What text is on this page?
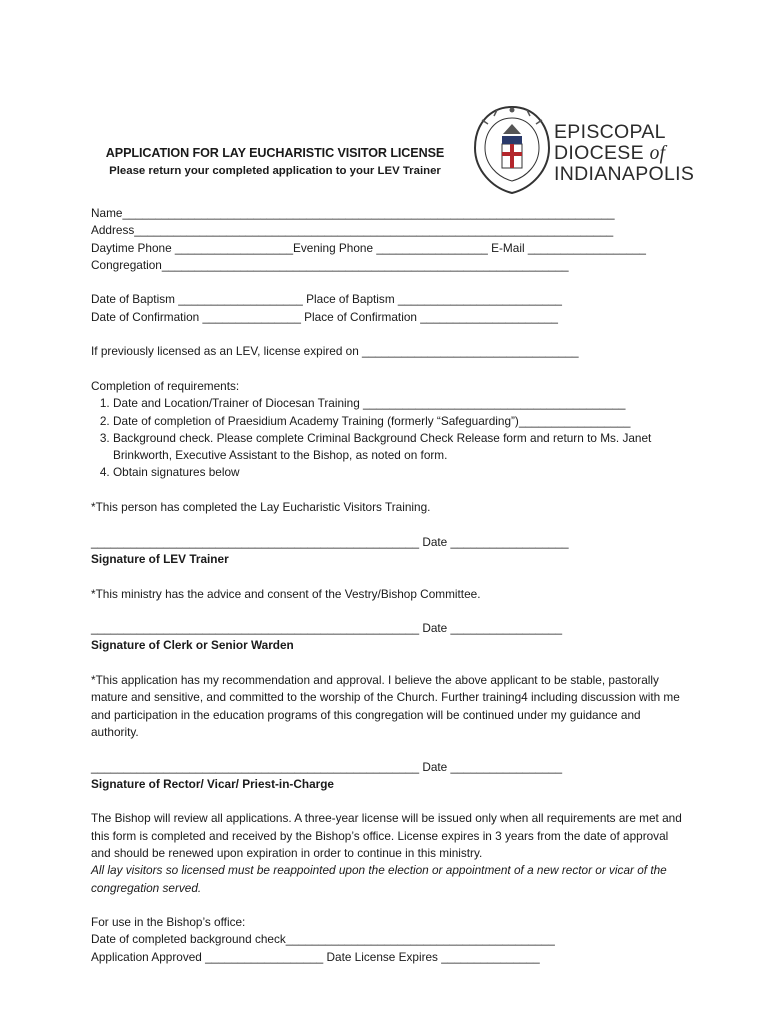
APPLICATION FOR LAY EUCHARISTIC VISITOR LICENSE
Please return your completed application to your LEV Trainer
EPISCOPAL
DIOCESE of
INDIANAPOLIS

Name___________________________________________________________________________

Address_________________________________________________________________________

Daytime Phone __________________Evening Phone _________________ E-Mail __________________

Congregation______________________________________________________________

Date of Baptism ___________________ Place of Baptism _________________________

Date of Confirmation _______________ Place of Confirmation _____________________

If previously licensed as an LEV, license expired on _________________________________

Completion of requirements:

1. Date and Location/Trainer of Diocesan Training ________________________________________
2. Date of completion of Praesidium Academy Training (formerly “Safeguarding”)_________________
3. Background check. Please complete Criminal Background Check Release form and return to Ms. Janet Brinkworth, Executive Assistant to the Bishop, as noted on form.
4. Obtain signatures below

*This person has completed the Lay Eucharistic Visitors Training.

__________________________________________________ Date __________________

Signature of LEV Trainer

*This ministry has the advice and consent of the Vestry/Bishop Committee.

__________________________________________________ Date _________________

Signature of Clerk or Senior Warden

*This application has my recommendation and approval. I believe the above applicant to be stable, pastorally mature and sensitive, and committed to the worship of the Church. Further training4 including discussion with me and participation in the education programs of this congregation will be continued under my guidance and authority.

__________________________________________________ Date _________________

Signature of Rector/ Vicar/ Priest-in-Charge

The Bishop will review all applications. A three-year license will be issued only when all requirements are met and this form is completed and received by the Bishop’s office. License expires in 3 years from the date of approval and should be renewed upon expiration in order to continue in this ministry.

All lay visitors so licensed must be reappointed upon the election or appointment of a new rector or vicar of the congregation served.

For use in the Bishop’s office:

Date of completed background check_________________________________________

Application Approved __________________ Date License Expires _______________
